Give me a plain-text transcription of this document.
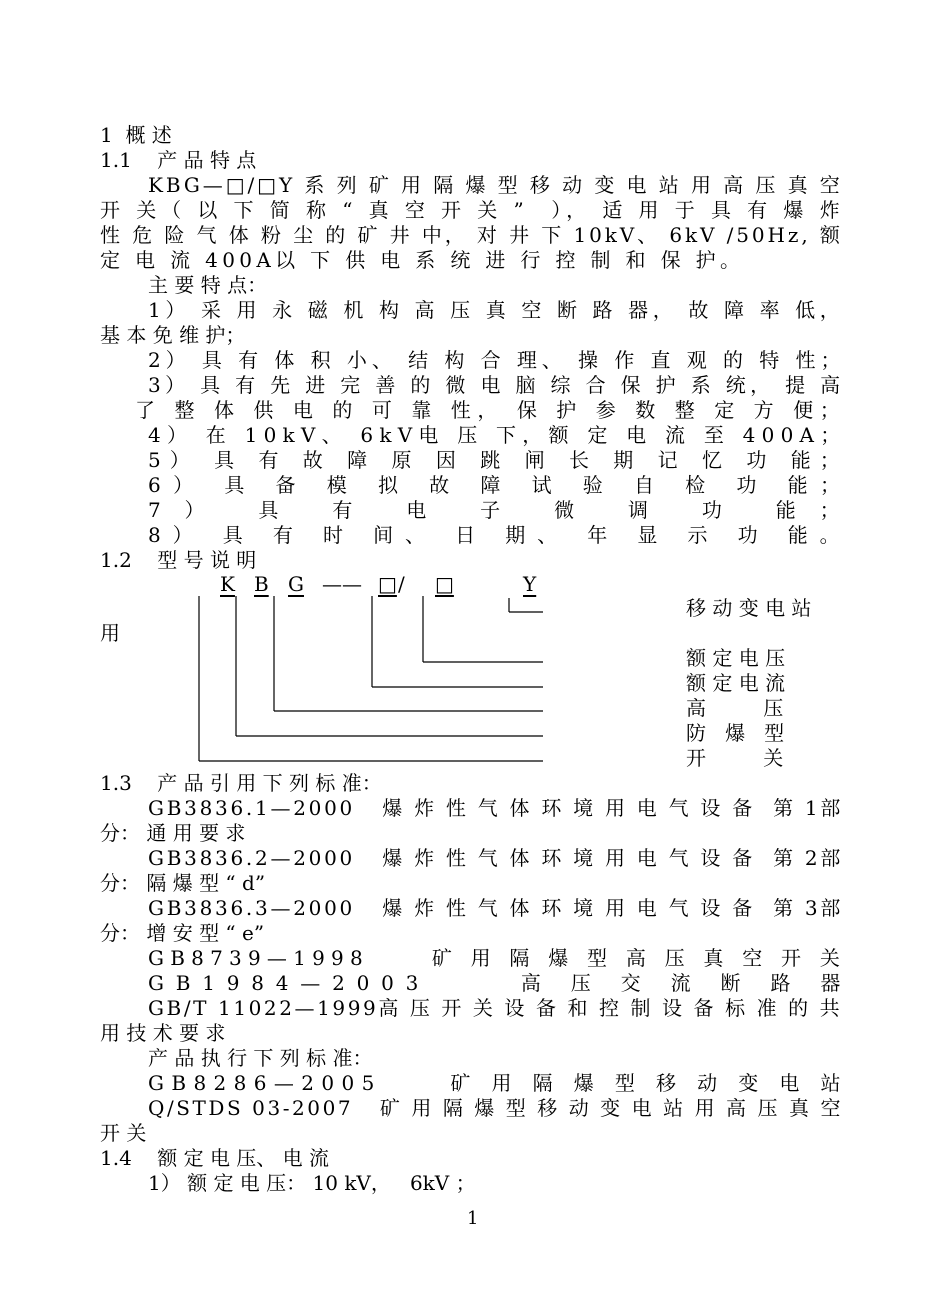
1  概 述
1.1    产 品 特 点
KBG—□/□Y 系 列 矿 用 隔 爆 型 移 动 变 电 站 用 高 压 真 空
开 关（ 以 下 简 称 “ 真 空 开 关 ”  ）， 适 用 于 具 有 爆 炸
性 危 险 气 体 粉 尘 的 矿 井 中， 对 井 下 10kV、 6kV /50Hz, 额
定 电 流 400A以 下 供 电 系 统 进 行 控 制 和 保 护。
主 要 特 点：
1） 采 用 永 磁 机 构 高 压 真 空 断 路 器， 故 障 率 低，
基 本 免 维 护；
2） 具 有 体 积 小、 结 构 合 理、 操 作 直 观 的 特 性；
3） 具 有 先 进 完 善 的 微 电 脑 综 合 保 护 系 统， 提 高
了 整 体 供 电 的 可 靠 性， 保 护 参 数 整 定 方 便；
4） 在 10kV、 6kV电 压 下，额 定 电 流 至 400A；
5） 具 有 故 障 原 因 跳 闸 长 期 记 忆 功 能；
6） 具 备 模 拟 故 障 试 验 自 检 功 能；
7） 具 有 电 子 微 调 功 能；
8） 具 有 时 间、 日 期、 年 显 示 功 能。
1.2    型 号 说 明
K B G —— □ / □	Y
移 动 变 电 站
用
额 定 电 压
额 定 电 流
高         压
防   爆   型
开         关
1.3    产 品 引 用 下 列 标 准：
GB3836.1—2000   爆 炸 性 气 体 环 境 用 电 气 设 备  第 1部
分： 通 用 要 求
GB3836.2—2000   爆 炸 性 气 体 环 境 用 电 气 设 备  第 2部
分： 隔 爆 型 “ d”
GB3836.3—2000   爆 炸 性 气 体 环 境 用 电 气 设 备  第 3部
分： 增 安 型 “ e”
GB8739—1998     矿 用 隔 爆 型 高 压 真 空 开 关
GB1984—2003     高 压 交 流 断 路 器
GB/T 11022—1999高 压 开 关 设 备 和 控 制 设 备 标 准 的 共
用 技 术 要 求
产 品 执 行 下 列 标 准：
GB8286—2005     矿 用 隔 爆 型 移 动 变 电 站
Q/STDS 03-2007   矿 用 隔 爆 型 移 动 变 电 站 用 高 压 真 空
开 关
1.4    额 定 电 压、 电 流
1） 额 定 电 压： 10 kV，   6kV ；
1
